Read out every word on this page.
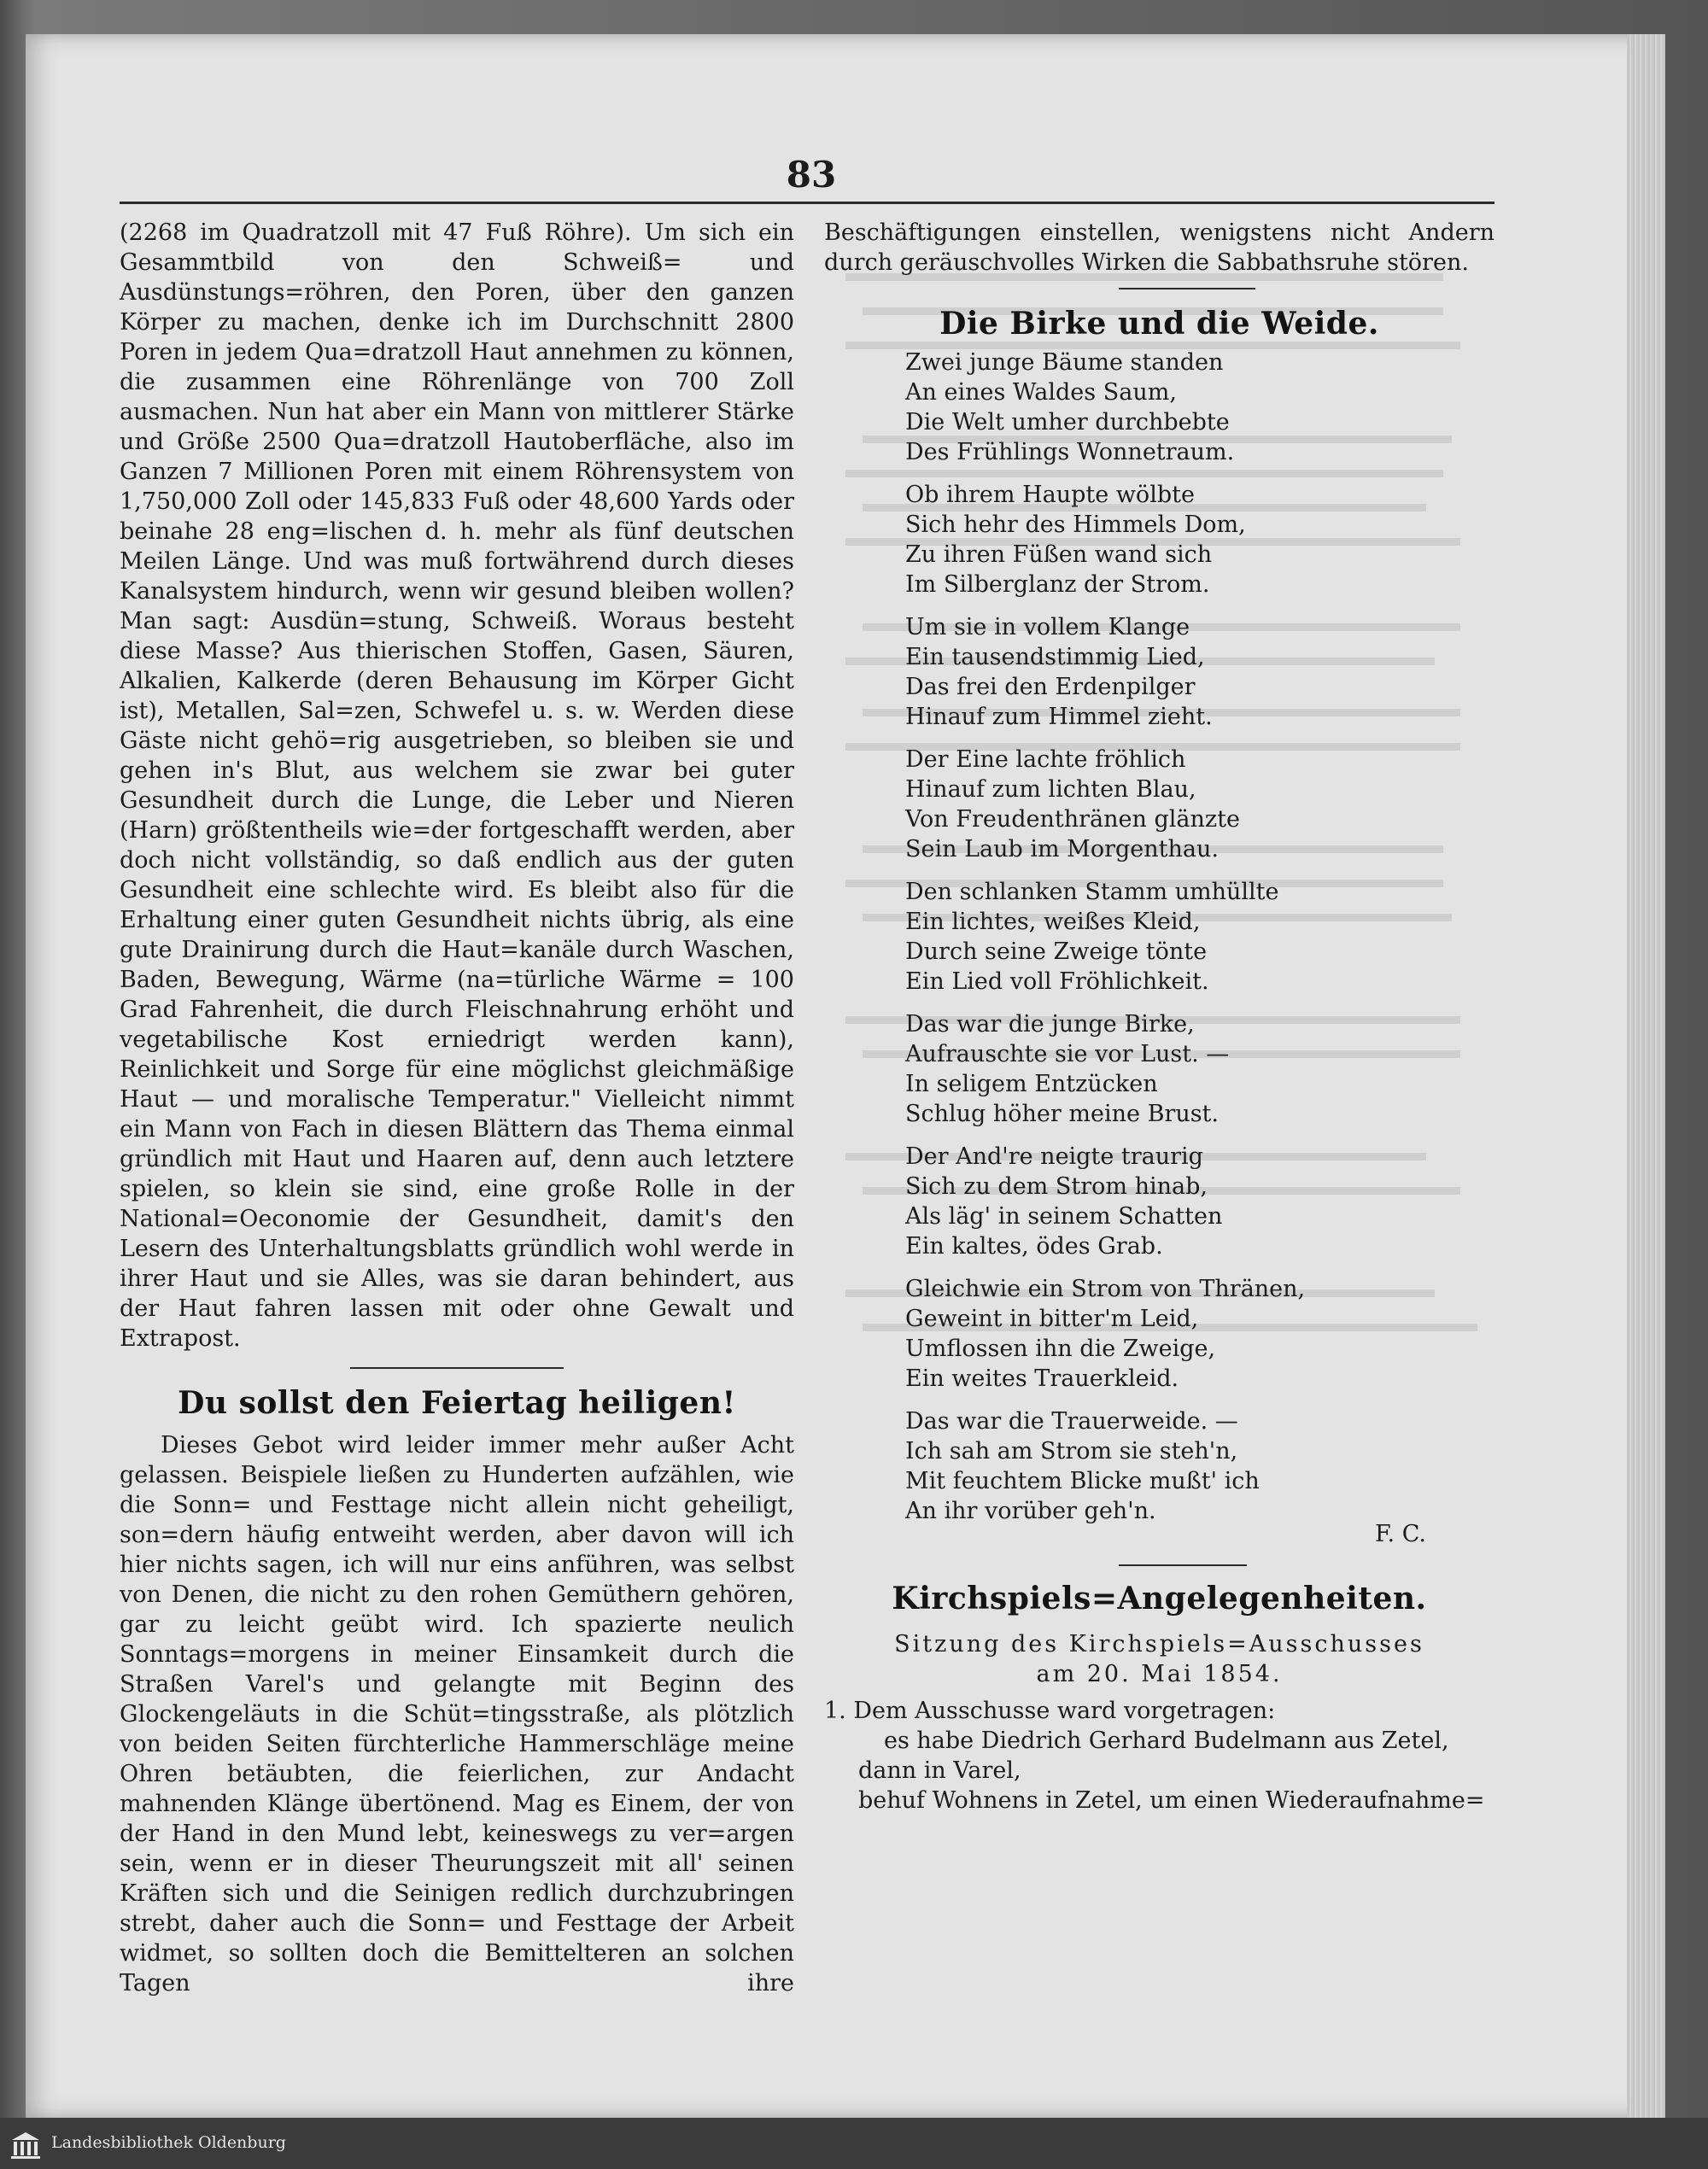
83

(2268 im Quadratzoll mit 47 Fuß Röhre). Um sich ein Gesammtbild von den Schweiß= und Ausdünstungs=röhren, den Poren, über den ganzen Körper zu machen, denke ich im Durchschnitt 2800 Poren in jedem Qua=dratzoll Haut annehmen zu können, die zusammen eine Röhrenlänge von 700 Zoll ausmachen. Nun hat aber ein Mann von mittlerer Stärke und Größe 2500 Qua=dratzoll Hautoberfläche, also im Ganzen 7 Millionen Poren mit einem Röhrensystem von 1,750,000 Zoll oder 145,833 Fuß oder 48,600 Yards oder beinahe 28 eng=lischen d. h. mehr als fünf deutschen Meilen Länge. Und was muß fortwährend durch dieses Kanalsystem hindurch, wenn wir gesund bleiben wollen? Man sagt: Ausdün=stung, Schweiß. Woraus besteht diese Masse? Aus thierischen Stoffen, Gasen, Säuren, Alkalien, Kalkerde (deren Behausung im Körper Gicht ist), Metallen, Sal=zen, Schwefel u. s. w. Werden diese Gäste nicht gehö=rig ausgetrieben, so bleiben sie und gehen in's Blut, aus welchem sie zwar bei guter Gesundheit durch die Lunge, die Leber und Nieren (Harn) größtentheils wie=der fortgeschafft werden, aber doch nicht vollständig, so daß endlich aus der guten Gesundheit eine schlechte wird. Es bleibt also für die Erhaltung einer guten Gesundheit nichts übrig, als eine gute Drainirung durch die Haut=kanäle durch Waschen, Baden, Bewegung, Wärme (na=türliche Wärme = 100 Grad Fahrenheit, die durch Fleischnahrung erhöht und vegetabilische Kost erniedrigt werden kann), Reinlichkeit und Sorge für eine möglichst gleichmäßige Haut — und moralische Temperatur." Vielleicht nimmt ein Mann von Fach in diesen Blättern das Thema einmal gründlich mit Haut und Haaren auf, denn auch letztere spielen, so klein sie sind, eine große Rolle in der National=Oeconomie der Gesundheit, damit's den Lesern des Unterhaltungsblatts gründlich wohl werde in ihrer Haut und sie Alles, was sie daran behindert, aus der Haut fahren lassen mit oder ohne Gewalt und Extrapost.

Du sollst den Feiertag heiligen!

Dieses Gebot wird leider immer mehr außer Acht gelassen. Beispiele ließen zu Hunderten aufzählen, wie die Sonn= und Festtage nicht allein nicht geheiligt, son=dern häufig entweiht werden, aber davon will ich hier nichts sagen, ich will nur eins anführen, was selbst von Denen, die nicht zu den rohen Gemüthern gehören, gar zu leicht geübt wird. Ich spazierte neulich Sonntags=morgens in meiner Einsamkeit durch die Straßen Varel's und gelangte mit Beginn des Glockengeläuts in die Schüt=tingsstraße, als plötzlich von beiden Seiten fürchterliche Hammerschläge meine Ohren betäubten, die feierlichen, zur Andacht mahnenden Klänge übertönend. Mag es Einem, der von der Hand in den Mund lebt, keineswegs zu ver=argen sein, wenn er in dieser Theurungszeit mit all' seinen Kräften sich und die Seinigen redlich durchzubringen strebt, daher auch die Sonn= und Festtage der Arbeit widmet, so sollten doch die Bemittelteren an solchen Tagen ihre

Beschäftigungen einstellen, wenigstens nicht Andern durch geräuschvolles Wirken die Sabbathsruhe stören.

Die Birke und die Weide.
Zwei junge Bäume standen
An eines Waldes Saum,
Die Welt umher durchbebte
Des Frühlings Wonnetraum.
Ob ihrem Haupte wölbte
Sich hehr des Himmels Dom,
Zu ihren Füßen wand sich
Im Silberglanz der Strom.
Um sie in vollem Klange
Ein tausendstimmig Lied,
Das frei den Erdenpilger
Hinauf zum Himmel zieht.
Der Eine lachte fröhlich
Hinauf zum lichten Blau,
Von Freudenthränen glänzte
Sein Laub im Morgenthau.
Den schlanken Stamm umhüllte
Ein lichtes, weißes Kleid,
Durch seine Zweige tönte
Ein Lied voll Fröhlichkeit.
Das war die junge Birke,
Aufrauschte sie vor Lust. —
In seligem Entzücken
Schlug höher meine Brust.
Der And're neigte traurig
Sich zu dem Strom hinab,
Als läg' in seinem Schatten
Ein kaltes, ödes Grab.
Gleichwie ein Strom von Thränen,
Geweint in bitter'm Leid,
Umflossen ihn die Zweige,
Ein weites Trauerkleid.
Das war die Trauerweide. —
Ich sah am Strom sie steh'n,
Mit feuchtem Blicke mußt' ich
An ihr vorüber geh'n.
F. C.
Kirchspiels=Angelegenheiten.
Sitzung des Kirchspiels=Ausschusses
am 20. Mai 1854.
1. Dem Ausschusse ward vorgetragen:
es habe Diedrich Gerhard Budelmann aus Zetel,
dann in Varel,
behuf Wohnens in Zetel, um einen Wiederaufnahme=
Landesbibliothek Oldenburg
